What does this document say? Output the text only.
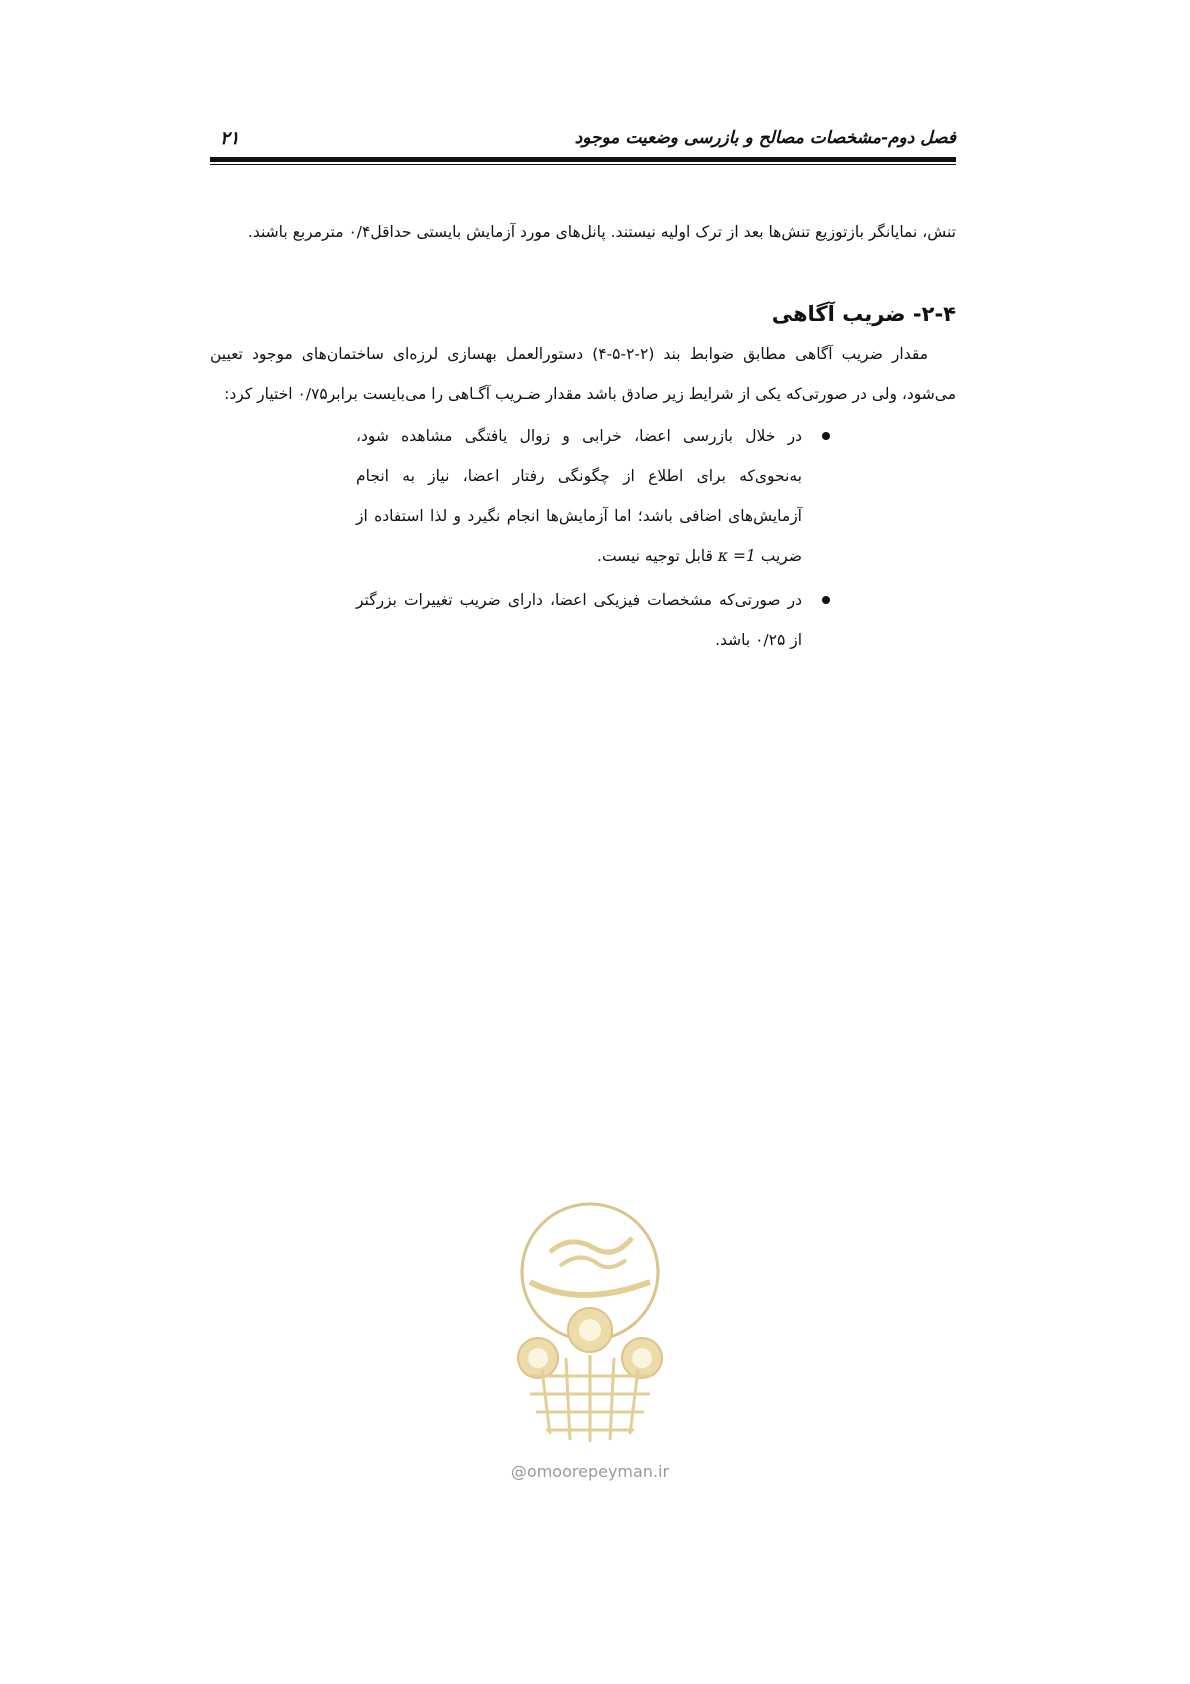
فصل دوم-مشخصات مصالح و بازرسی وضعیت موجود
۲۱

تنش، نمایانگر بازتوزیع تنش‌ها بعد از ترک اولیه نیستند. پانل‌های مورد آزمایش بایستی حداقل۰/۴ مترمربع باشند.

۲-۴- ضریب آگاهی

مقدار ضریب آگاهی مطابق ضوابط بند (۲-۲-۵-۴) دستورالعمل بهسازی لرزه‌ای ساختمان‌های موجود تعیین می‌شود، ولی در صورتی‌که یکی از شرایط زیر صادق باشد مقدار ضـریب آگـاهی را می‌بایست برابر۰/۷۵ اختیار کرد:

در خلال بازرسی اعضا، خرابی و زوال یافتگی مشاهده شود، به‌نحوی‌که برای اطلاع از چگونگی رفتار اعضا، نیاز به انجام آزمایش‌های اضافی باشد؛ اما آزمایش‌ها انجام نگیرد و لذا استفاده از ضریب κ =1 قابل توجیه نیست.
در صورتی‌که مشخصات فیزیکی اعضا، دارای ضریب تغییرات بزرگتر از ۰/۲۵ باشد.
@omoorepeyman.ir
